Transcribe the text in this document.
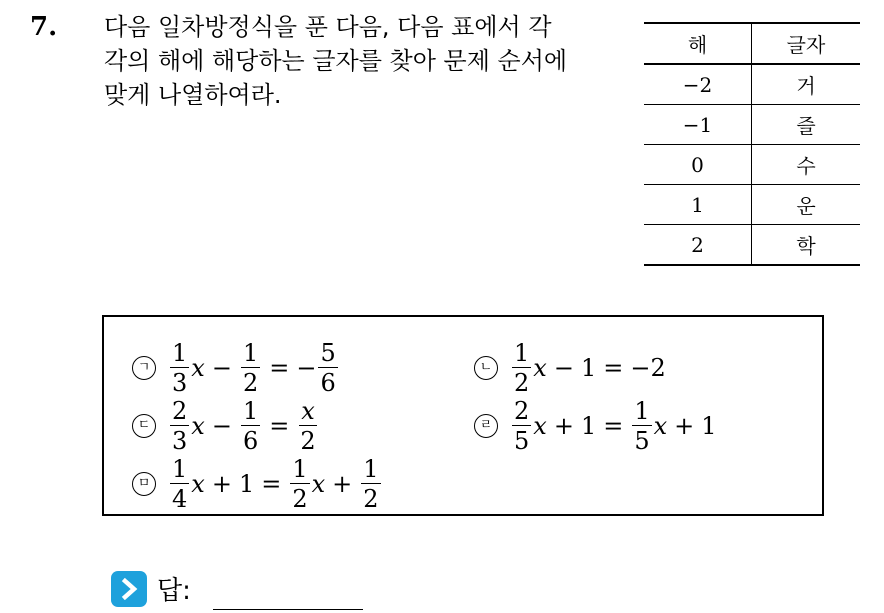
7. 다음 일차방정식을 푼 다음, 다음 표에서 각
각의 해에 해당하는 글자를 찾아 문제 순서에
맞게 나열하여라.
해	글자
−2	거
−1	즐
0	수
1	운
2	학
ㄱ $\frac{1}{3}$ $x - \frac{1}{2}$ = − $\frac{5}{6}$	ㄴ $\frac{1}{2}$ x − 1 = −2
ㄷ $\frac{2}{3}$ $x - \frac{1}{6} = \frac{x}{2}$	ㄹ $\frac{2}{5}$ $x + 1 = \frac{1}{5}$ x + 1
ㅁ $\frac{1}{4}$ $x + 1 = \frac{1}{2}$ $x + \frac{1}{2}$
답:
